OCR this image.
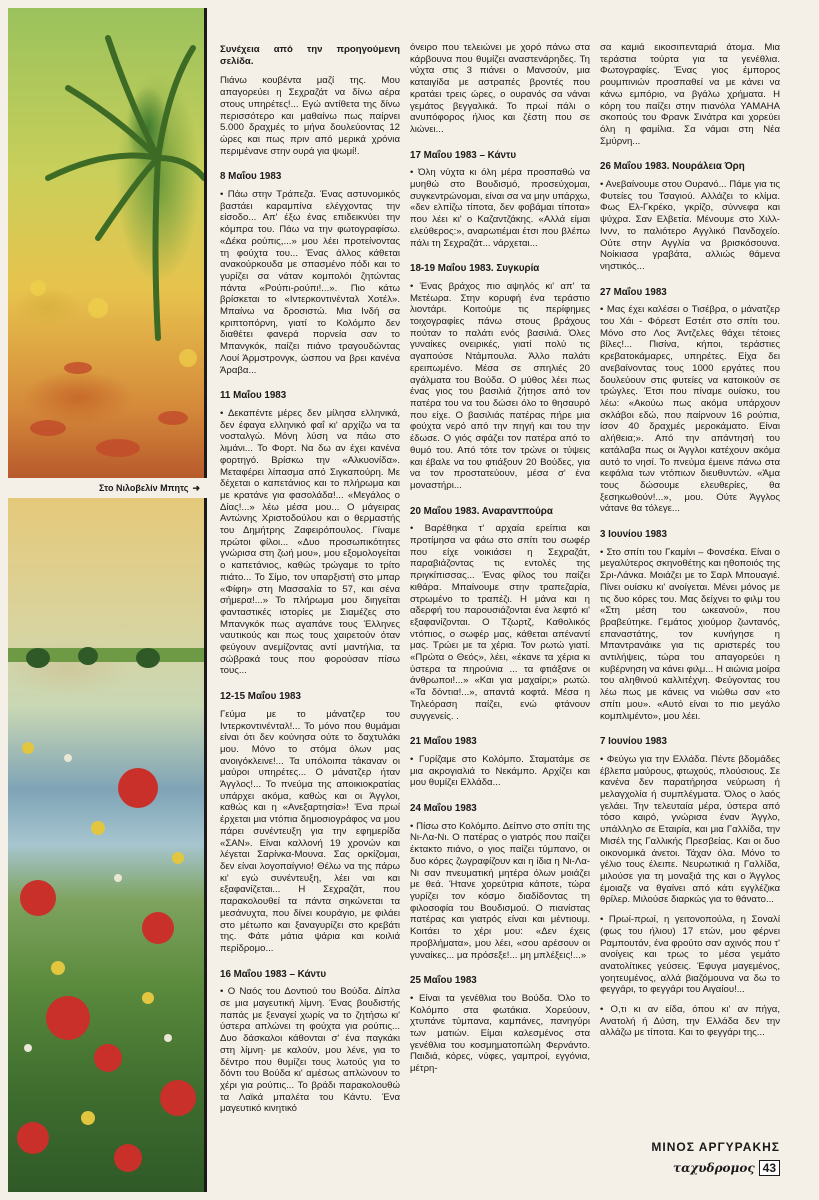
Στο Νιλοβελίν Μπητς ➜

Συνέχεια από την προηγούμενη σελίδα.

Πιάνω κουβέντα μαζί της. Μου απαγορεύει η Σεχραζάτ να δίνω αέρα στους υπηρέτες!... Εγώ αντίθετα της δίνω περισσότερο και μαθαίνω πως παίρνει 5.000 δραχμές το μήνα δουλεύοντας 12 ώρες και πως πριν από μερικά χρόνια περιμένανε στην ουρά για ψωμί!.

8 Μαΐου 1983

• Πάω στην Τράπεζα. Ένας αστυνομικός βαστάει καραμπίνα ελέγχοντας την είσοδο... Απ' έξω ένας επιδεικνύει την κόμπρα του. Πάω να την φωτογραφίσω. «Δέκα ρούπις,...» μου λέει προτείνοντας τη φούχτα του... Ένας άλλος κάθεται ανακούρκουδα με σπασμένο πόδι και το γυρίζει σα νάταν κομπολόι ζητώντας πάντα «Ρούπι-ρούπι!...». Πιο κάτω βρίσκεται το «Ιντερκοντινένταλ Χοτέλ». Μπαίνω να δροσιστώ. Μια Ινδή σα κριπτοπόρνη, γιατί το Κολόμπο δεν διαθέτει φανερά πορνεία σαν το Μπανγκόκ, παίζει πιάνο τραγουδώντας Λουί Άρμστρονγκ, ώσπου να βρει κανένα Άραβα...

11 Μαΐου 1983

• Δεκαπέντε μέρες δεν μίλησα ελληνικά, δεν έφαγα ελληνικό φαΐ κι' αρχίζω να τα νοσταλγώ. Μόνη λύση να πάω στο λιμάνι... Το Φορτ. Να δω αν έχει κανένα φορτηγό. Βρίσκω την «Αλκυονίδα». Μεταφέρει λίπασμα από Σιγκαπούρη. Με δέχεται ο καπετάνιος και το πλήρωμα και με κρατάνε για φασολάδα!... «Μεγάλος ο Δίας!...» λέω μέσα μου... Ο μάγειρας Αντώνης Χριστοδούλου και ο θερμαστής του Δημήτρης Ζαφειρόπουλος. Γίναμε πρώτοι φίλοι... «Δυο προσωπικότητες γνώρισα στη ζωή μου», μου εξομολογείται ο καπετάνιος, καθώς τρώγαμε το τρίτο πιάτο... Το Σίμο, τον υπαρξιστή στο μπαρ «Φίφη» στη Μασσαλία το 57, και σένα σήμερα!...» Το πλήρωμα μου διηγείται φανταστικές ιστορίες με Σιαμέζες στο Μπανγκόκ πως αγαπάνε τους Έλληνες ναυτικούς και πως τους χαιρετούν όταν φεύγουν ανεμίζοντας αντί μαντήλια, τα σώβρακά τους που φορούσαν πίσω τους...

12-15 Μαΐου 1983

Γεύμα με το μάνατζερ του Ιντερκοντινένταλ!... Το μόνο που θυμάμαι είναι ότι δεν κούνησα ούτε το δαχτυλάκι μου. Μόνο το στόμα όλων μας ανοιγόκλεινε!... Τα υπόλοιπα τάκαναν οι μαύροι υπηρέτες... Ο μάνατζερ ήταν Άγγλος!... Το πνεύμα της αποικιοκρατίας υπάρχει ακόμα, καθώς και οι Άγγλοι, καθώς και η «Ανεξαρτησία»! Ένα πρωί έρχεται μια ντόπια δημοσιογράφος να μου πάρει συνέντευξη για την εφημερίδα «ΣΑΝ». Είναι καλλονή 19 χρονών και λέγεται Σαρίνκα-Μουνα. Σας ορκίζομαι, δεν είναι λογοπαίγνιο! Θέλω να της πάρω κι' εγώ συνέντευξη, λέει ναι και εξαφανίζεται... Η Σεχραζάτ, που παρακολουθεί τα πάντα σηκώνεται τα μεσάνυχτα, που δίνει κουράγιο, με φιλάει στο μέτωπο και ξαναγυρίζει στο κρεβάτι της. Φάτε μάτια ψάρια και κοιλιά περίδρομο...

16 Μαΐου 1983 – Κάντυ

• Ο Ναός του Δοντιού του Βούδα. Δίπλα σε μια μαγευτική λίμνη. Ένας βουδιστής παπάς με ξεναγεί χωρίς να το ζητήσω κι' ύστερα απλώνει τη φούχτα για ρούπις... Δυο δάσκαλοι κάθονται σ' ένα παγκάκι στη λίμνη· με καλούν, μου λένε, για το δέντρο που θυμίζει τους λωτούς για το δόντι του Βούδα κι' αμέσως απλώνουν το χέρι για ρούπις... Το βράδι παρακολουθώ τα Λαϊκά μπαλέτα του Κάντυ. Ένα μαγευτικό κινητικό

όνειρο που τελειώνει με χορό πάνω στα κάρβουνα που θυμίζει αναστενάρηδες. Τη νύχτα στις 3 πιάνει ο Μανσούν, μια καταιγίδα με αστραπές βροντές που κρατάει τρεις ώρες, ο ουρανός σα νάναι γεμάτος βεγγαλικά. Το πρωί πάλι ο ανυπόφορος ήλιος και ζέστη που σε λιώνει...

17 Μαΐου 1983 – Κάντυ

• Όλη νύχτα κι όλη μέρα προσπαθώ να μυηθώ στο Βουδισμό, προσεύχομαι, συγκεντρώνομαι, είναι σα να μην υπάρχω, «δεν ελπίζω τίποτα, δεν φοβάμαι τίποτα» που λέει κι' ο Καζαντζάκης. «Αλλά είμαι ελεύθερος:», αναρωτιέμαι έτσι που βλέπω πάλι τη Σεχραζάτ... νάρχεται...

18-19 Μαΐου 1983. Συγκυρία

• Ένας βράχος πιο αψηλός κι' απ' τα Μετέωρα. Στην κορυφή ένα τεράστιο λιοντάρι. Κοιτούμε τις περίφημες τοιχογραφίες πάνω στους βράχους πούταν το παλάτι ενός βασιλιά. Όλες γυναίκες ονειρικές, γιατί πολύ τις αγαπούσε Ντάμπουλα. Άλλο παλάτι ερειπωμένο. Μέσα σε σπηλιές 20 αγάλματα του Βούδα. Ο μύθος λέει πως ένας γιος του βασιλιά ζήτησε από τον πατέρα του να του δώσει όλο το θησαυρό που είχε. Ο βασιλιάς πατέρας πήρε μια φούχτα νερό από την πηγή και του την έδωσε. Ο γιός σφάζει τον πατέρα από το θυμό του. Από τότε τον τρώνε οι τύψεις και έβαλε να του φτιάξουν 20 Βούδες, για να τον προστατεύουν, μέσα σ' ένα μοναστήρι...

20 Μαΐου 1983. Αναραντπούρα

• Βαρέθηκα τ' αρχαία ερείπια και προτίμησα να φάω στο σπίτι του σωφέρ που είχε νοικιάσει η Σεχραζάτ, παραβιάζοντας τις εντολές της πριγκίπισσας... Ένας φίλος του παίζει κιθάρα. Μπαίνουμε στην τραπεζαρία, στρωμένο το τραπέζι. Η μάνα και η αδερφή του παρουσιάζονται ένα λεφτό κι' εξαφανίζονται. Ο Τζωρτζ, Καθολικός ντόπιος, ο σωφέρ μας, κάθεται απέναντί μας. Τρώει με τα χέρια. Τον ρωτώ γιατί. «Πρώτα ο Θεός», λέει, «έκανε τα χέρια κι ύστερα τα πηρούνια ... τα φτιάξανε οι άνθρωποι!...» «Και για μαχαίρι;» ρωτώ. «Τα δόντια!...», απαντά κοφτά. Μέσα η Τηλεόραση παίζει, ενώ φτάνουν συγγενείς. .

21 Μαΐου 1983

• Γυρίζαμε στο Κολόμπο. Σταματάμε σε μια ακρογιαλιά το Νεκάμπο. Αρχίζει και μου θυμίζει Ελλάδα...

24 Μαΐου 1983

• Πίσω στο Κολόμπο. Δείπνο στο σπίτι της Νι-Λα-Νι. Ο πατέρας ο γιατρός που παίζει έκτακτο πιάνο, ο γιος παίζει τύμπανο, οι δυο κόρες ζωγραφίζουν και η ίδια η Νι-Λα-Νι σαν πνευματική μητέρα όλων μοιάζει με θεά. Ήτανε χορεύτρια κάποτε, τώρα γυρίζει τον κόσμο διαδίδοντας τη φιλοσοφία του Βουδισμού. Ο πιανίστας πατέρας και γιατρός είναι και μέντιουμ. Κοιτάει το χέρι μου: «Δεν έχεις προβλήματα», μου λέει, «σου αρέσουν οι γυναίκες... μα πρόσεξε!... μη μπλέξεις!...»

25 Μαΐου 1983

• Είναι τα γενέθλια του Βούδα. Όλο το Κολόμπο στα φωτάκια. Χορεύουν, χτυπάνε τύμπανα, καμπάνες, πανηγύρι των ματιών. Είμαι καλεσμένος στα γενέθλια του κοσμηματοπώλη Φερνάντο. Παιδιά, κόρες, νύφες, γαμπροί, εγγόνια, μέτρη-

σα καμιά εικοσιπενταριά άτομα. Μια τεράστια τούρτα για τα γενέθλια. Φωτογραφίες. Ένας γιος έμπορος ρουμπινιών προσπαθεί να με κάνει να κάνω εμπόριο, να βγάλω χρήματα. Η κόρη του παίζει στην πιανόλα ΥΑΜΑΗΑ σκοπούς του Φρανκ Σινάτρα και χορεύει όλη η φαμίλια. Σα νάμαι στη Νέα Σμύρνη...

26 Μαΐου 1983. Νουράλεια Όρη

• Ανεβαίνουμε στου Ουρανό... Πάμε για τις Φυτείες του Τσαγιού. Αλλάζει το κλίμα. Φως Ελ-Γκρέκο, γκρίζο, σύννεφα και ψύχρα. Σαν Ελβετία. Μένουμε στο Χιλλ-Ιννν, το παλιότερο Αγγλικό Πανδοχείο. Ούτε στην Αγγλία να βρισκόσουνα. Νοίκιασα γραβάτα, αλλιώς θάμενα νηστικός...

27 Μαΐου 1983

• Μας έχει καλέσει ο Τισέβρα, ο μάνατζερ του Χάι - Φόρεστ Εστέιτ στο σπίτι του. Μόνο στο Λος Άντζελες θάχει τέτοιες βίλες!... Πισίνα, κήποι, τεράστιες κρεβατοκάμαρες, υπηρέτες. Είχα δει ανεβαίνοντας τους 1000 εργάτες που δουλεύουν στις φυτείες να κατοικούν σε τρώγλες. Έτσι που πίναμε ουίσκυ, του λέω: «Ακούω πως ακόμα υπάρχουν σκλάβοι εδώ, που παίρνουν 16 ρούπια, ίσον 40 δραχμές μεροκάματο. Είναι αλήθεια;». Από την απάντησή του κατάλαβα πως οι Άγγλοι κατέχουν ακόμα αυτό το νησί. Το πνεύμα έμεινε πάνω στα κεφάλια των ντόπιων διευθυντών. «Άμα τους δώσουμε ελευθερίες, θα ξεσηκωθούν!...», μου. Ούτε Άγγλος νάτανε θα τόλεγε...

3 Ιουνίου 1983

• Στο σπίτι του Γκαμίνι – Φονσέκα. Είναι ο μεγαλύτερος σκηνοθέτης και ηθοποιός της Σρι-Λάνκα. Μοιάζει με το Σαρλ Μπουαγιέ. Πίνει ουίσκυ κι' ανοίγεται. Μένει μόνος με τις δυο κόρες του. Μας δείχνει το φιλμ του «Στη μέση του ωκεανού», που βραβεύτηκε. Γεμάτος χιούμορ ζωντανός, επαναστάτης, τον κυνήγησε η Μπαντρανάικε για τις αριστερές του αντιλήψεις, τώρα του απαγορεύει η κυβέρνηση να κάνει φιλμ... Η αιώνια μοίρα του αληθινού καλλιτέχνη. Φεύγοντας του λέω πως με κάνεις να νιώθω σαν «το σπίτι μου». «Αυτό είναι το πιο μεγάλο κομπλιμέντο», μου λέει.

7 Ιουνίου 1983

• Φεύγω για την Ελλάδα. Πέντε βδομάδες έβλεπα μαύρους, φτωχούς, πλούσιους. Σε κανένα δεν παρατήρησα νεύρωση ή μελαγχολία ή συμπλέγματα. Όλος ο λαός γελάει. Την τελευταία μέρα, ύστερα από τόσο καιρό, γνώρισα έναν Άγγλο, υπάλληλο σε Εταιρία, και μια Γαλλίδα, την Μισέλ της Γαλλικής Πρεσβείας. Και οι δυο οικονομικά άνετοι. Τάχαν όλα. Μόνο το γέλιο τους έλειπε. Νευρωτικιά η Γαλλίδα, μιλούσε για τη μοναξιά της και ο Άγγλος έμοιαζε να θγαίνει από κάτι εγγλέζικα θρίλερ. Μιλούσε διαρκώς για το θάνατο...

• Πρωί-πρωί, η γειτονοπούλα, η Σοναλί (φως του ήλιου) 17 ετών, μου φέρνει Ραμπουτάν, ένα φρούτο σαν αχινός που τ' ανοίγεις και τρως το μέσα γεμάτο ανατολίτικες γεύσεις. Έφυγα μαγεμένος, γοητευμένος, αλλά βιαζόμουνα να δω το φεγγάρι, το φεγγάρι του Αιγαίου!...

• Ο,τι κι αν είδα, όπου κι' αν πήγα, Ανατολή ή Δύση, την Ελλάδα δεν την αλλάζω με τίποτα. Και το φεγγάρι της...

ΜΙΝΟΣ ΑΡΓΥΡΑΚΗΣ
ταχυδρομος 43
